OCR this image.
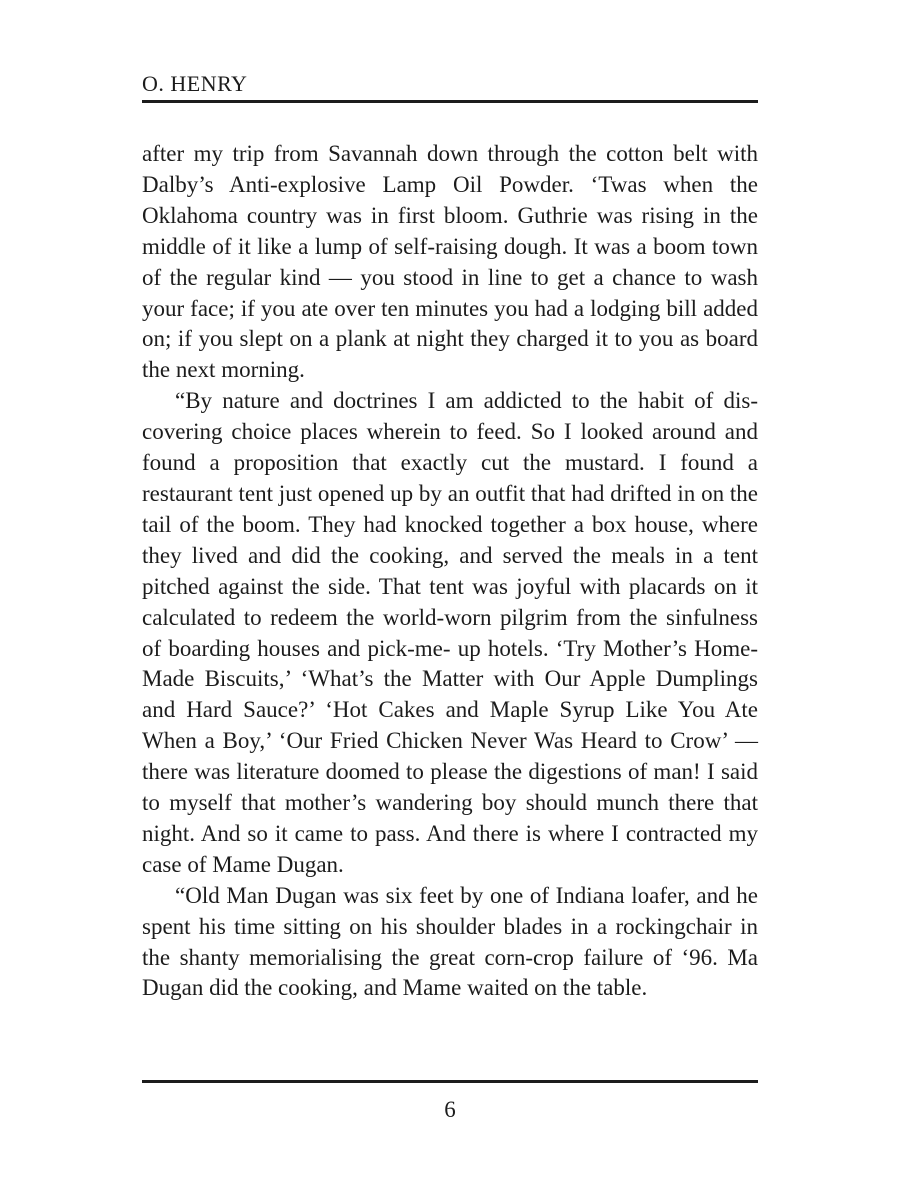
O. HENRY

after my trip from Savannah down through the cotton belt with Dalby’s Anti-explosive Lamp Oil Powder. ‘Twas when the Oklahoma country was in first bloom. Guthrie was rising in the middle of it like a lump of self-raising dough. It was a boom town of the regular kind — you stood in line to get a chance to wash your face; if you ate over ten minutes you had a lodging bill added on; if you slept on a plank at night they charged it to you as board the next morning.

“By nature and doctrines I am addicted to the habit of discovering choice places wherein to feed. So I looked around and found a proposition that exactly cut the mustard. I found a restaurant tent just opened up by an outfit that had drifted in on the tail of the boom. They had knocked together a box house, where they lived and did the cooking, and served the meals in a tent pitched against the side. That tent was joyful with placards on it calculated to redeem the world-worn pilgrim from the sinfulness of boarding houses and pick-me- up hotels. ‘Try Mother’s Home-Made Biscuits,’ ‘What’s the Matter with Our Apple Dumplings and Hard Sauce?’ ‘Hot Cakes and Maple Syrup Like You Ate When a Boy,’ ‘Our Fried Chicken Never Was Heard to Crow’ — there was literature doomed to please the digestions of man! I said to myself that mother’s wandering boy should munch there that night. And so it came to pass. And there is where I contracted my case of Mame Dugan.

“Old Man Dugan was six feet by one of Indiana loafer, and he spent his time sitting on his shoulder blades in a rockingchair in the shanty memorialising the great corn-crop failure of ‘96. Ma Dugan did the cooking, and Mame waited on the table.

6
